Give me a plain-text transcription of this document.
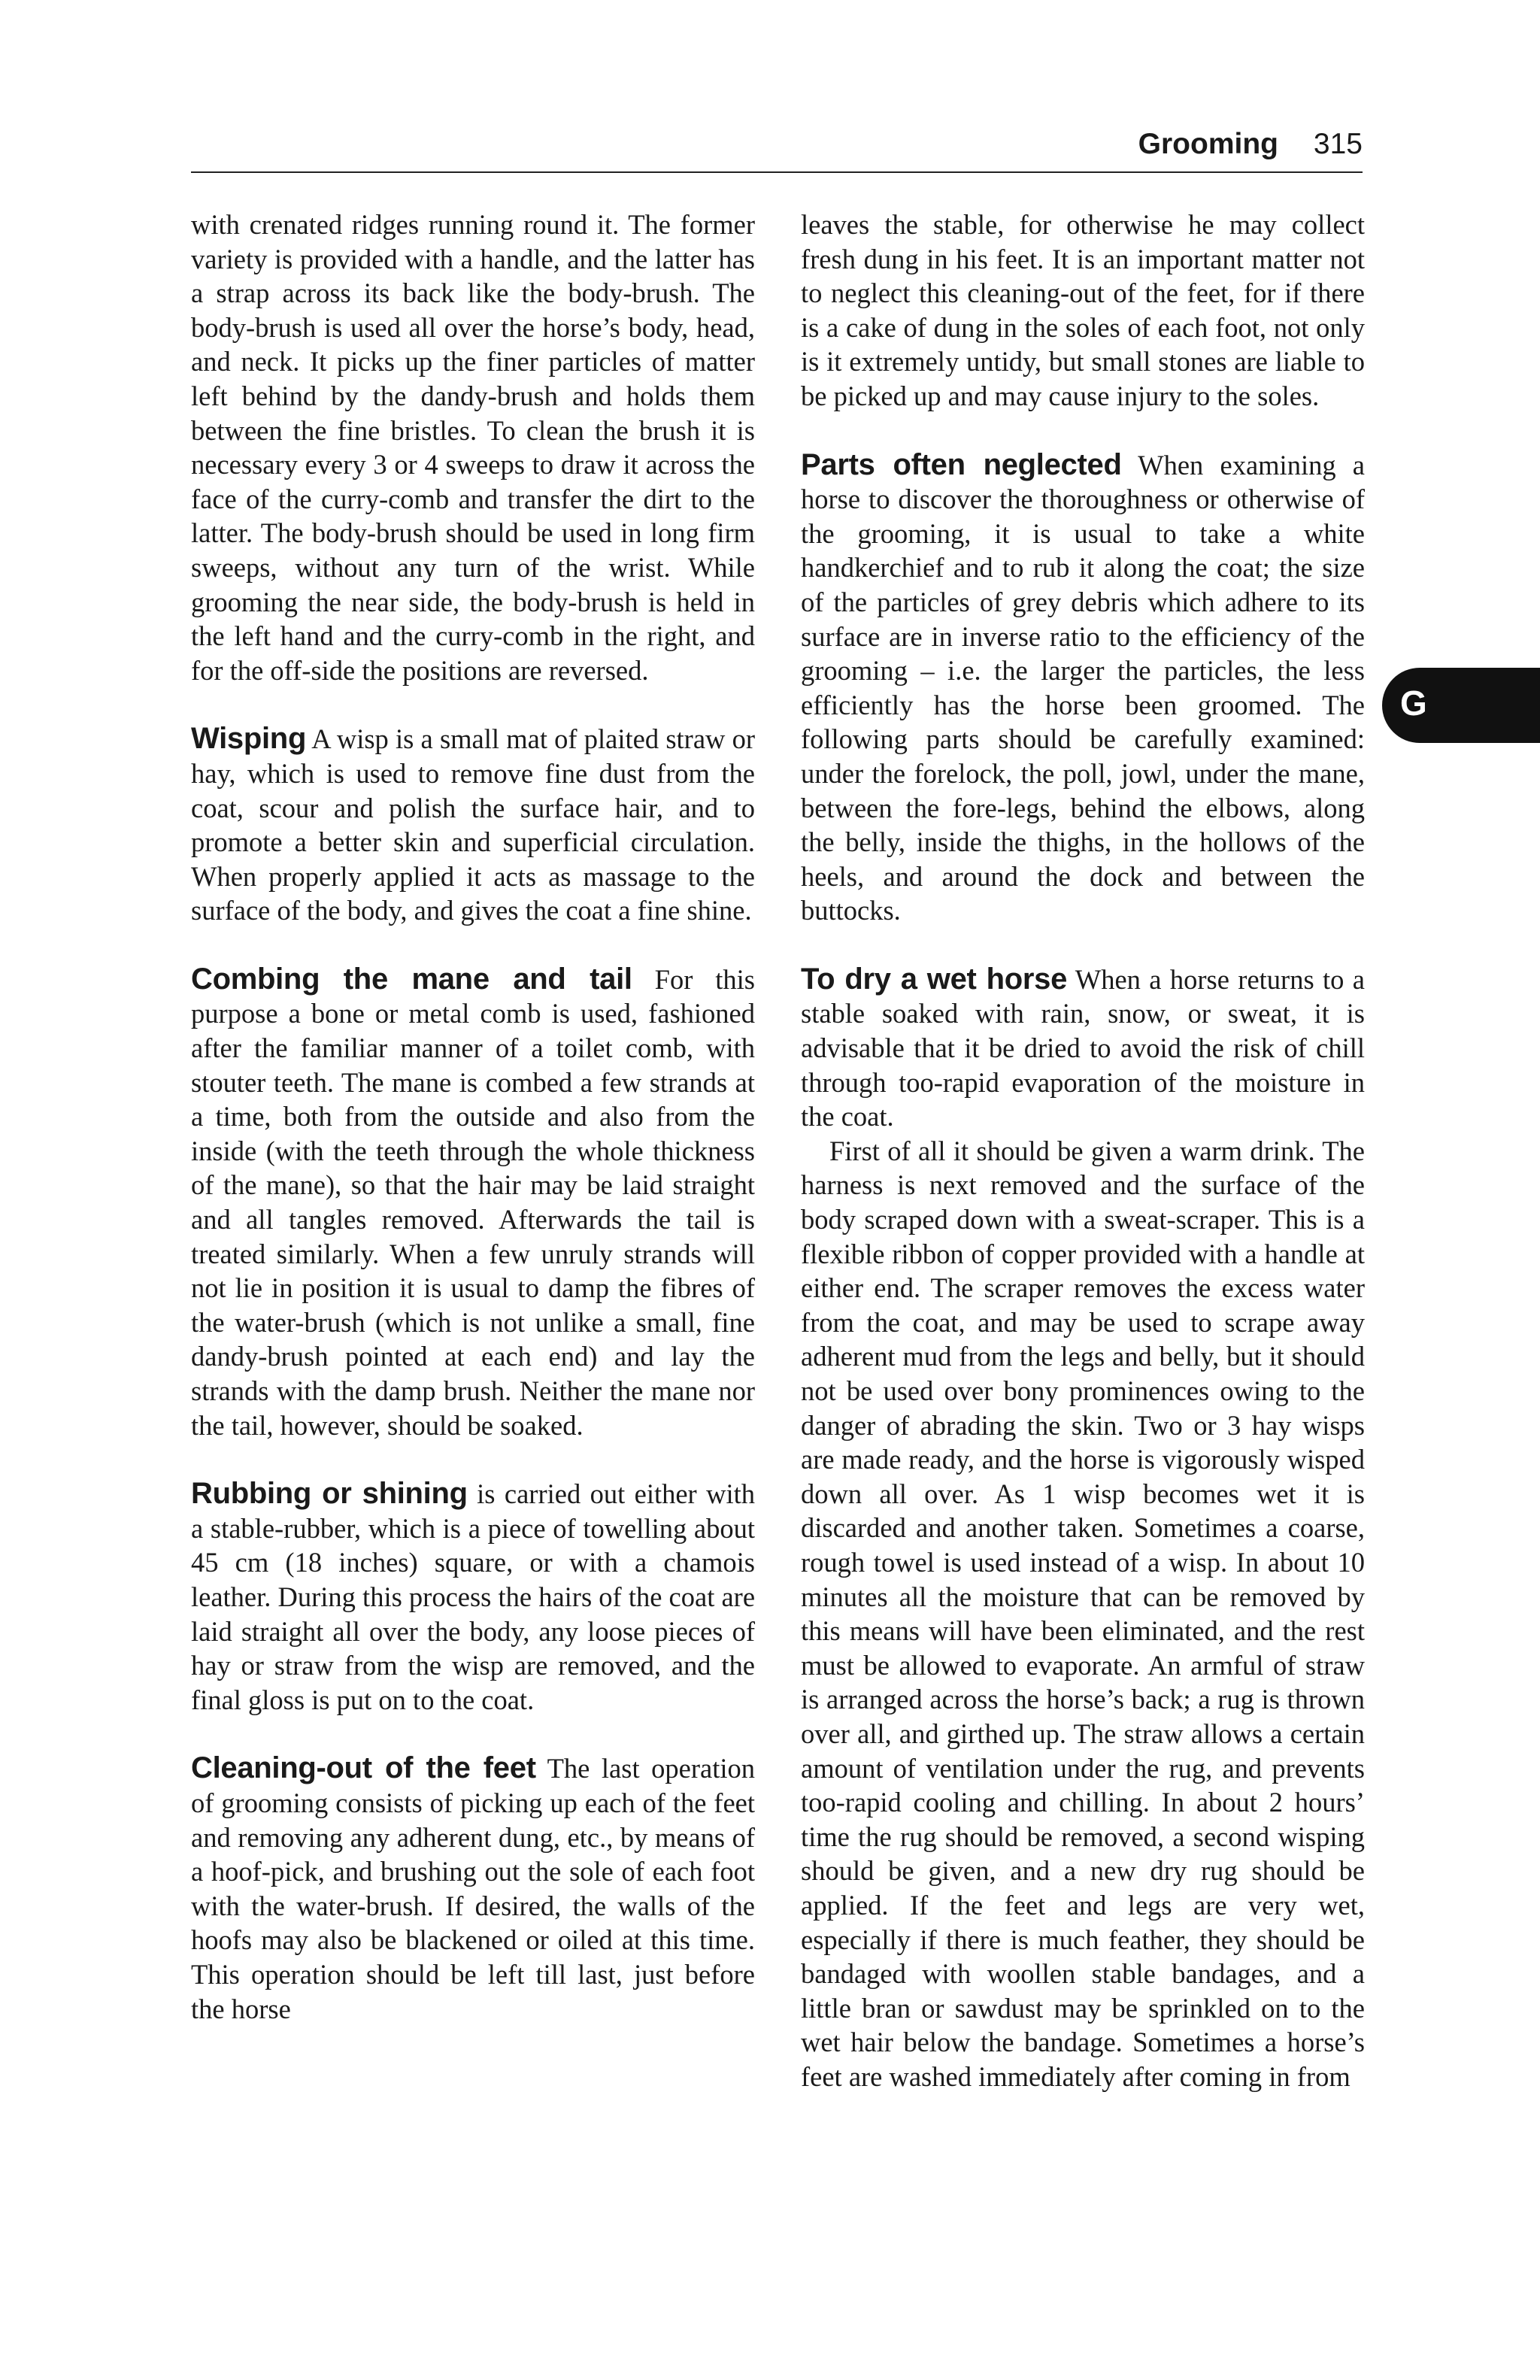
Grooming 315
G

with crenated ridges running round it. The former variety is provided with a handle, and the latter has a strap across its back like the body-brush. The body-brush is used all over the horse’s body, head, and neck. It picks up the finer particles of matter left behind by the dandy-brush and holds them between the fine bristles. To clean the brush it is necessary every 3 or 4 sweeps to draw it across the face of the curry-comb and transfer the dirt to the latter. The body-brush should be used in long firm sweeps, without any turn of the wrist. While grooming the near side, the body-brush is held in the left hand and the curry-comb in the right, and for the off-side the positions are reversed.

Wisping A wisp is a small mat of plaited straw or hay, which is used to remove fine dust from the coat, scour and polish the surface hair, and to promote a better skin and superficial circulation. When properly applied it acts as massage to the surface of the body, and gives the coat a fine shine.

Combing the mane and tail For this purpose a bone or metal comb is used, fashioned after the familiar manner of a toilet comb, with stouter teeth. The mane is combed a few strands at a time, both from the outside and also from the inside (with the teeth through the whole thickness of the mane), so that the hair may be laid straight and all tangles removed. Afterwards the tail is treated similarly. When a few unruly strands will not lie in position it is usual to damp the fibres of the water-brush (which is not unlike a small, fine dandy-brush pointed at each end) and lay the strands with the damp brush. Neither the mane nor the tail, however, should be soaked.

Rubbing or shining is carried out either with a stable-rubber, which is a piece of towelling about 45 cm (18 inches) square, or with a chamois leather. During this process the hairs of the coat are laid straight all over the body, any loose pieces of hay or straw from the wisp are removed, and the final gloss is put on to the coat.

Cleaning-out of the feet The last operation of grooming consists of picking up each of the feet and removing any adherent dung, etc., by means of a hoof-pick, and brushing out the sole of each foot with the water-brush. If desired, the walls of the hoofs may also be blackened or oiled at this time. This operation should be left till last, just before the horse

leaves the stable, for otherwise he may collect fresh dung in his feet. It is an important matter not to neglect this cleaning-out of the feet, for if there is a cake of dung in the soles of each foot, not only is it extremely untidy, but small stones are liable to be picked up and may cause injury to the soles.

Parts often neglected When examining a horse to discover the thoroughness or otherwise of the grooming, it is usual to take a white handkerchief and to rub it along the coat; the size of the particles of grey debris which adhere to its surface are in inverse ratio to the efficiency of the grooming – i.e. the larger the particles, the less efficiently has the horse been groomed. The following parts should be carefully examined: under the forelock, the poll, jowl, under the mane, between the fore-legs, behind the elbows, along the belly, inside the thighs, in the hollows of the heels, and around the dock and between the buttocks.

To dry a wet horse When a horse returns to a stable soaked with rain, snow, or sweat, it is advisable that it be dried to avoid the risk of chill through too-rapid evaporation of the moisture in the coat.

First of all it should be given a warm drink. The harness is next removed and the surface of the body scraped down with a sweat-scraper. This is a flexible ribbon of copper provided with a handle at either end. The scraper removes the excess water from the coat, and may be used to scrape away adherent mud from the legs and belly, but it should not be used over bony prominences owing to the danger of abrading the skin. Two or 3 hay wisps are made ready, and the horse is vigorously wisped down all over. As 1 wisp becomes wet it is discarded and another taken. Sometimes a coarse, rough towel is used instead of a wisp. In about 10 minutes all the moisture that can be removed by this means will have been eliminated, and the rest must be allowed to evaporate. An armful of straw is arranged across the horse’s back; a rug is thrown over all, and girthed up. The straw allows a certain amount of ventilation under the rug, and prevents too-rapid cooling and chilling. In about 2 hours’ time the rug should be removed, a second wisping should be given, and a new dry rug should be applied. If the feet and legs are very wet, especially if there is much feather, they should be bandaged with woollen stable bandages, and a little bran or sawdust may be sprinkled on to the wet hair below the bandage. Sometimes a horse’s feet are washed immediately after coming in from
